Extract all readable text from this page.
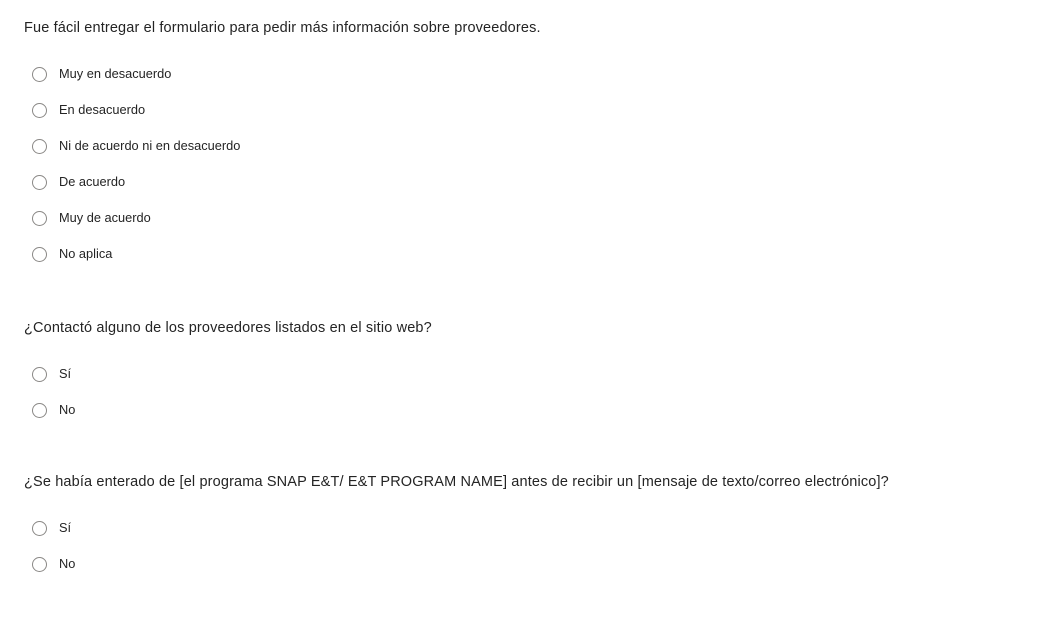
Fue fácil entregar el formulario para pedir más información sobre proveedores.
Muy en desacuerdo
En desacuerdo
Ni de acuerdo ni en desacuerdo
De acuerdo
Muy de acuerdo
No aplica
¿Contactó alguno de los proveedores listados en el sitio web?
Sí
No
¿Se había enterado de [el programa SNAP E&T/ E&T PROGRAM NAME] antes de recibir un [mensaje de texto/correo electrónico]?
Sí
No
